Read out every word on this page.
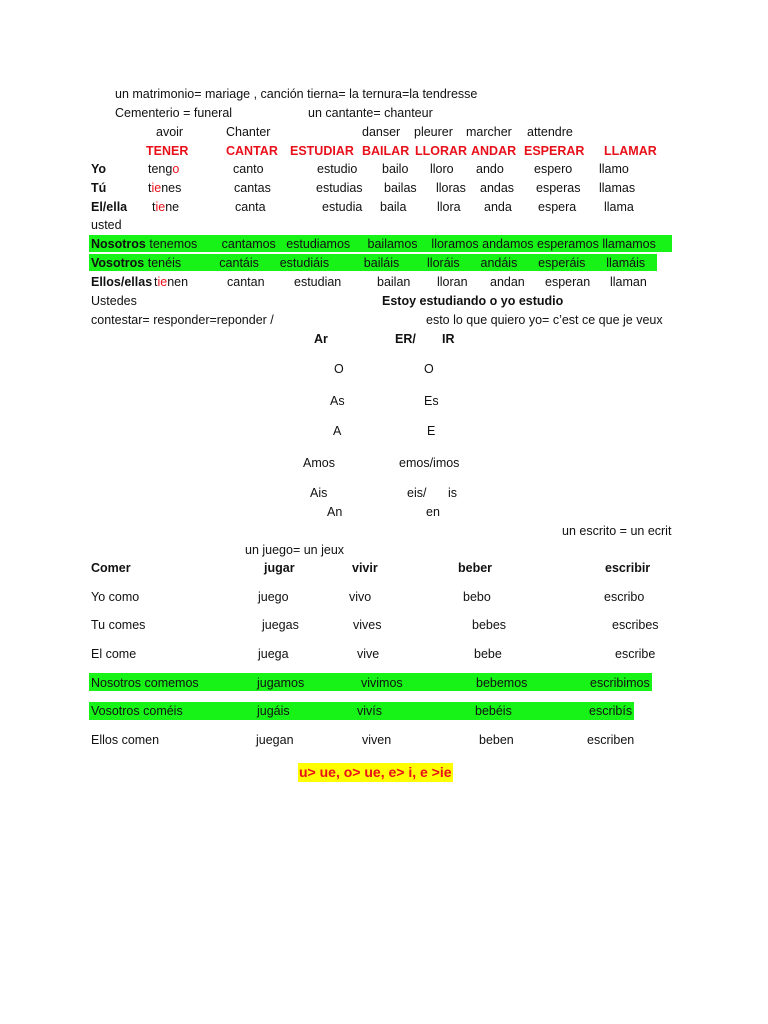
un matrimonio= mariage , canción tierna= la ternura=la tendresse
Cementerio = funeral	un cantante= chanteur
avoir	Chanter	danser pleurer marcher attendre
TENER	CANTAR ESTUDIAR BAILAR LLORAR ANDAR ESPERAR LLAMAR
Yo	tengo	canto	estudio bailo lloro ando espero llamo
Tú	tienes	cantas	estudias bailas lloras andas esperas llamas
El/ella tiene	canta	estudia baila llora anda espera llama
usted
Nosotros tenemos       cantamos   estudiamos     bailamos    lloramos andamos esperamos llamamos
Vosotros tenéis           cantáis      estudiáis          bailáis        lloráis      andáis      esperáis      llamáis
Ellos/ellas tienen	cantan estudian	bailan lloran andan esperan llaman
Ustedes	Estoy estudiando o yo estudio
contestar= responder=reponder /	esto lo que quiero yo= c’est ce que je veux
Ar	ER/ IR
O	O
As	Es
A	E
Amos	emos/imos
Ais	eis/ is
An	en
un escrito = un ecrit
un juego= un jeux
Comer	jugar	vivir	beber	escribir
Yo como	juego	vivo	bebo	escribo
Tu comes	juegas	vives	bebes	escribes
El come	juega	vive	bebe	escribe
Nosotros comemos	jugamos	vivimos	bebemos	escribimos
Vosotros coméis	jugáis	vivís	bebéis	escribís
Ellos comen	juegan	viven	beben	escriben
u> ue, o> ue, e> i, e >ie
